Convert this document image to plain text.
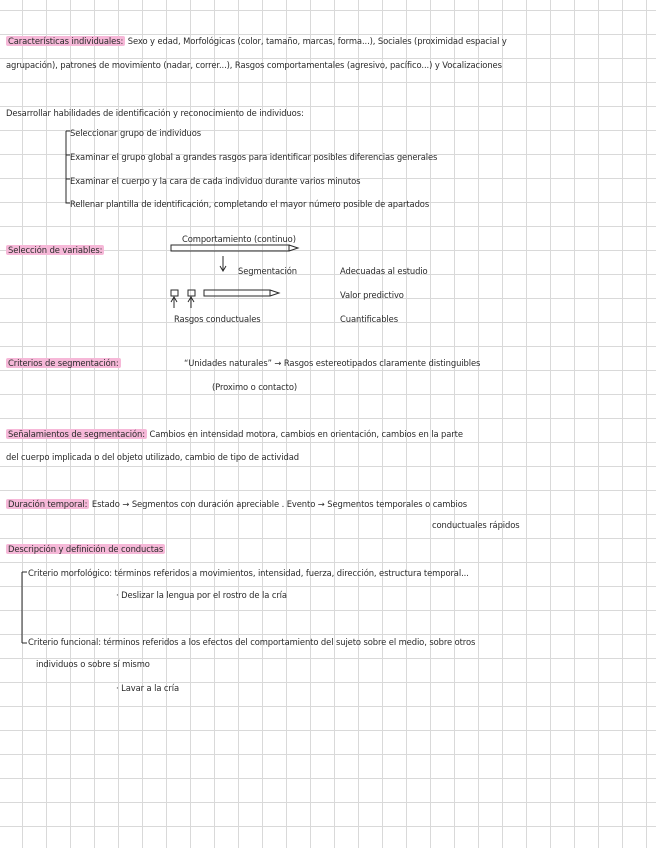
Características individuales: Sexo y edad, Morfológicas (color, tamaño, marcas, forma...), Sociales (proximidad espacial y
agrupación), patrones de movimiento (nadar, correr...), Rasgos comportamentales (agresivo, pacífico...) y Vocalizaciones
Desarrollar habilidades de identificación y reconocimiento de individuos:
Seleccionar grupo de individuos
Examinar el grupo global a grandes rasgos para identificar posibles diferencias generales
Examinar el cuerpo y la cara de cada individuo durante varios minutos
Rellenar plantilla de identificación, completando el mayor número posible de apartados
Selección de variables:
Comportamiento (continuo)
Segmentación
Rasgos conductuales
Adecuadas al estudio
Valor predictivo
Cuantificables
Criterios de segmentación:	“Unidades naturales” → Rasgos estereotipados claramente distinguibles
(Proximo o contacto)
Señalamientos de segmentación: Cambios en intensidad motora, cambios en orientación, cambios en la parte
del cuerpo implicada o del objeto utilizado, cambio de tipo de actividad
Duración temporal: Estado → Segmentos con duración apreciable . Evento → Segmentos temporales o cambios
conductuales rápidos
Descripción y definición de conductas
Criterio morfológico: términos referidos a movimientos, intensidad, fuerza, dirección, estructura temporal...
· Deslizar la lengua por el rostro de la cría
Criterio funcional: términos referidos a los efectos del comportamiento del sujeto sobre el medio, sobre otros
individuos o sobre sí mismo
· Lavar a la cría
